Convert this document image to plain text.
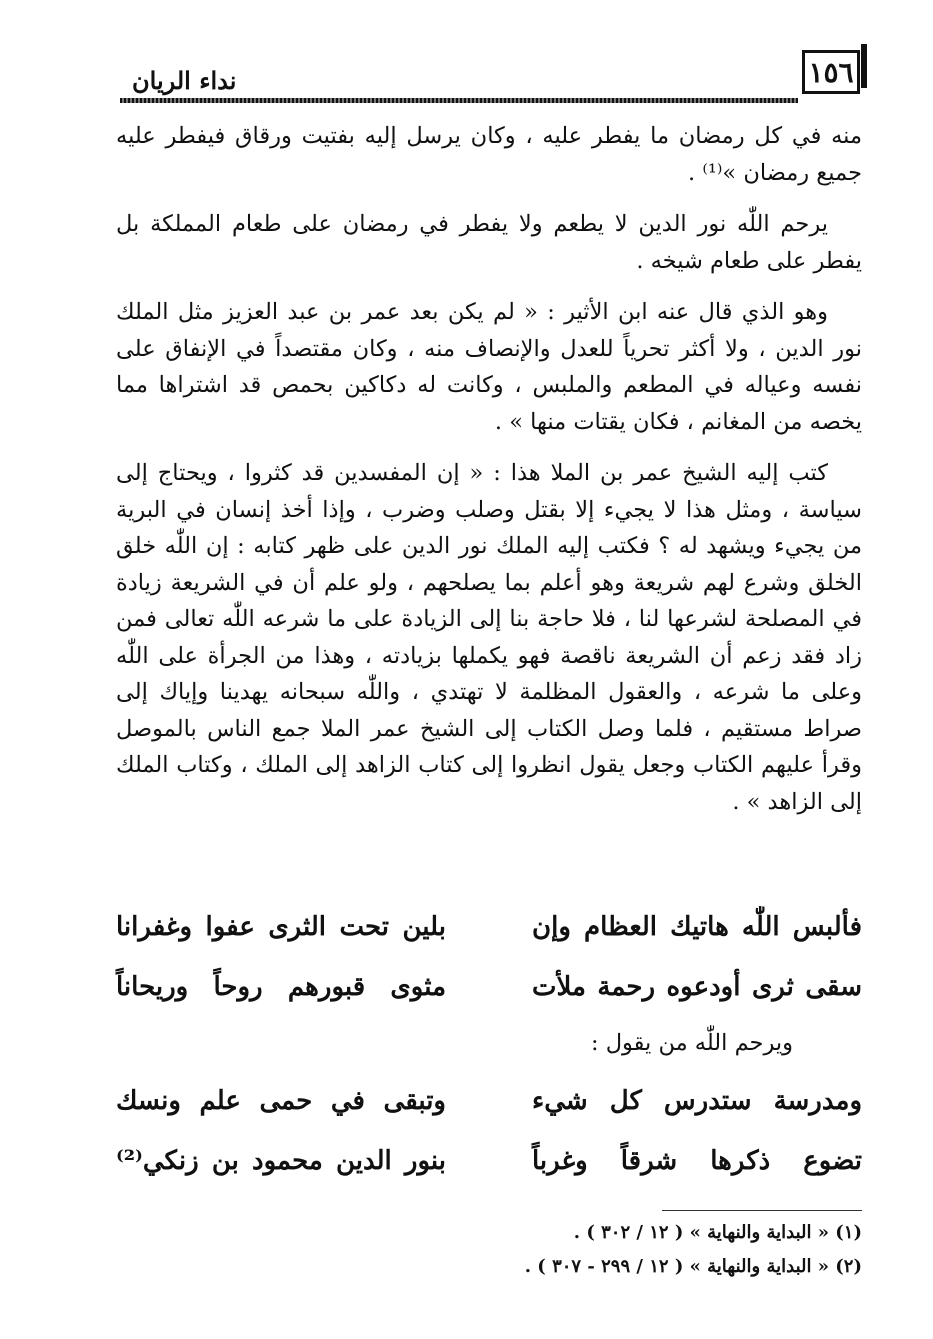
١٥٦
نداء الريان

منه في كل رمضان ما يفطر عليه ، وكان يرسل إليه بفتيت ورقاق فيفطر عليه جميع رمضان »⁽¹⁾ .

يرحم اللّٰه نور الدين لا يطعم ولا يفطر في رمضان على طعام المملكة بل يفطر على طعام شيخه .

وهو الذي قال عنه ابن الأثير : « لم يكن بعد عمر بن عبد العزيز مثل الملك نور الدين ، ولا أكثر تحرياً للعدل والإنصاف منه ، وكان مقتصداً في الإنفاق على نفسه وعياله في المطعم والملبس ، وكانت له دكاكين بحمص قد اشتراها مما يخصه من المغانم ، فكان يقتات منها » .

كتب إليه الشيخ عمر بن الملا هذا : « إن المفسدين قد كثروا ، ويحتاج إلى سياسة ، ومثل هذا لا يجيء إلا بقتل وصلب وضرب ، وإذا أخذ إنسان في البرية من يجيء ويشهد له ؟ فكتب إليه الملك نور الدين على ظهر كتابه : إن اللّٰه خلق الخلق وشرع لهم شريعة وهو أعلم بما يصلحهم ، ولو علم أن في الشريعة زيادة في المصلحة لشرعها لنا ، فلا حاجة بنا إلى الزيادة على ما شرعه اللّٰه تعالى فمن زاد فقد زعم أن الشريعة ناقصة فهو يكملها بزيادته ، وهذا من الجرأة على اللّٰه وعلى ما شرعه ، والعقول المظلمة لا تهتدي ، واللّٰه سبحانه يهدينا وإياك إلى صراط مستقيم ، فلما وصل الكتاب إلى الشيخ عمر الملا جمع الناس بالموصل وقرأ عليهم الكتاب وجعل يقول انظروا إلى كتاب الزاهد إلى الملك ، وكتاب الملك إلى الزاهد » .

فألبس اللّٰه هاتيك العظام وإن
بلين تحت الثرى عفوا وغفرانا
سقى ثرى أودعوه رحمة ملأت
مثوى قبورهم روحاً وريحاناً
ويرحم اللّٰه من يقول :
ومدرسة ستدرس كل شيء
وتبقى في حمى علم ونسك
تضوع ذكرها شرقاً وغرباً
بنور الدين محمود بن زنكي⁽²⁾
(١) « البداية والنهاية » ( ١٢ / ٣٠٢ ) .
(٢) « البداية والنهاية » ( ١٢ / ٢٩٩ - ٣٠٧ ) .
